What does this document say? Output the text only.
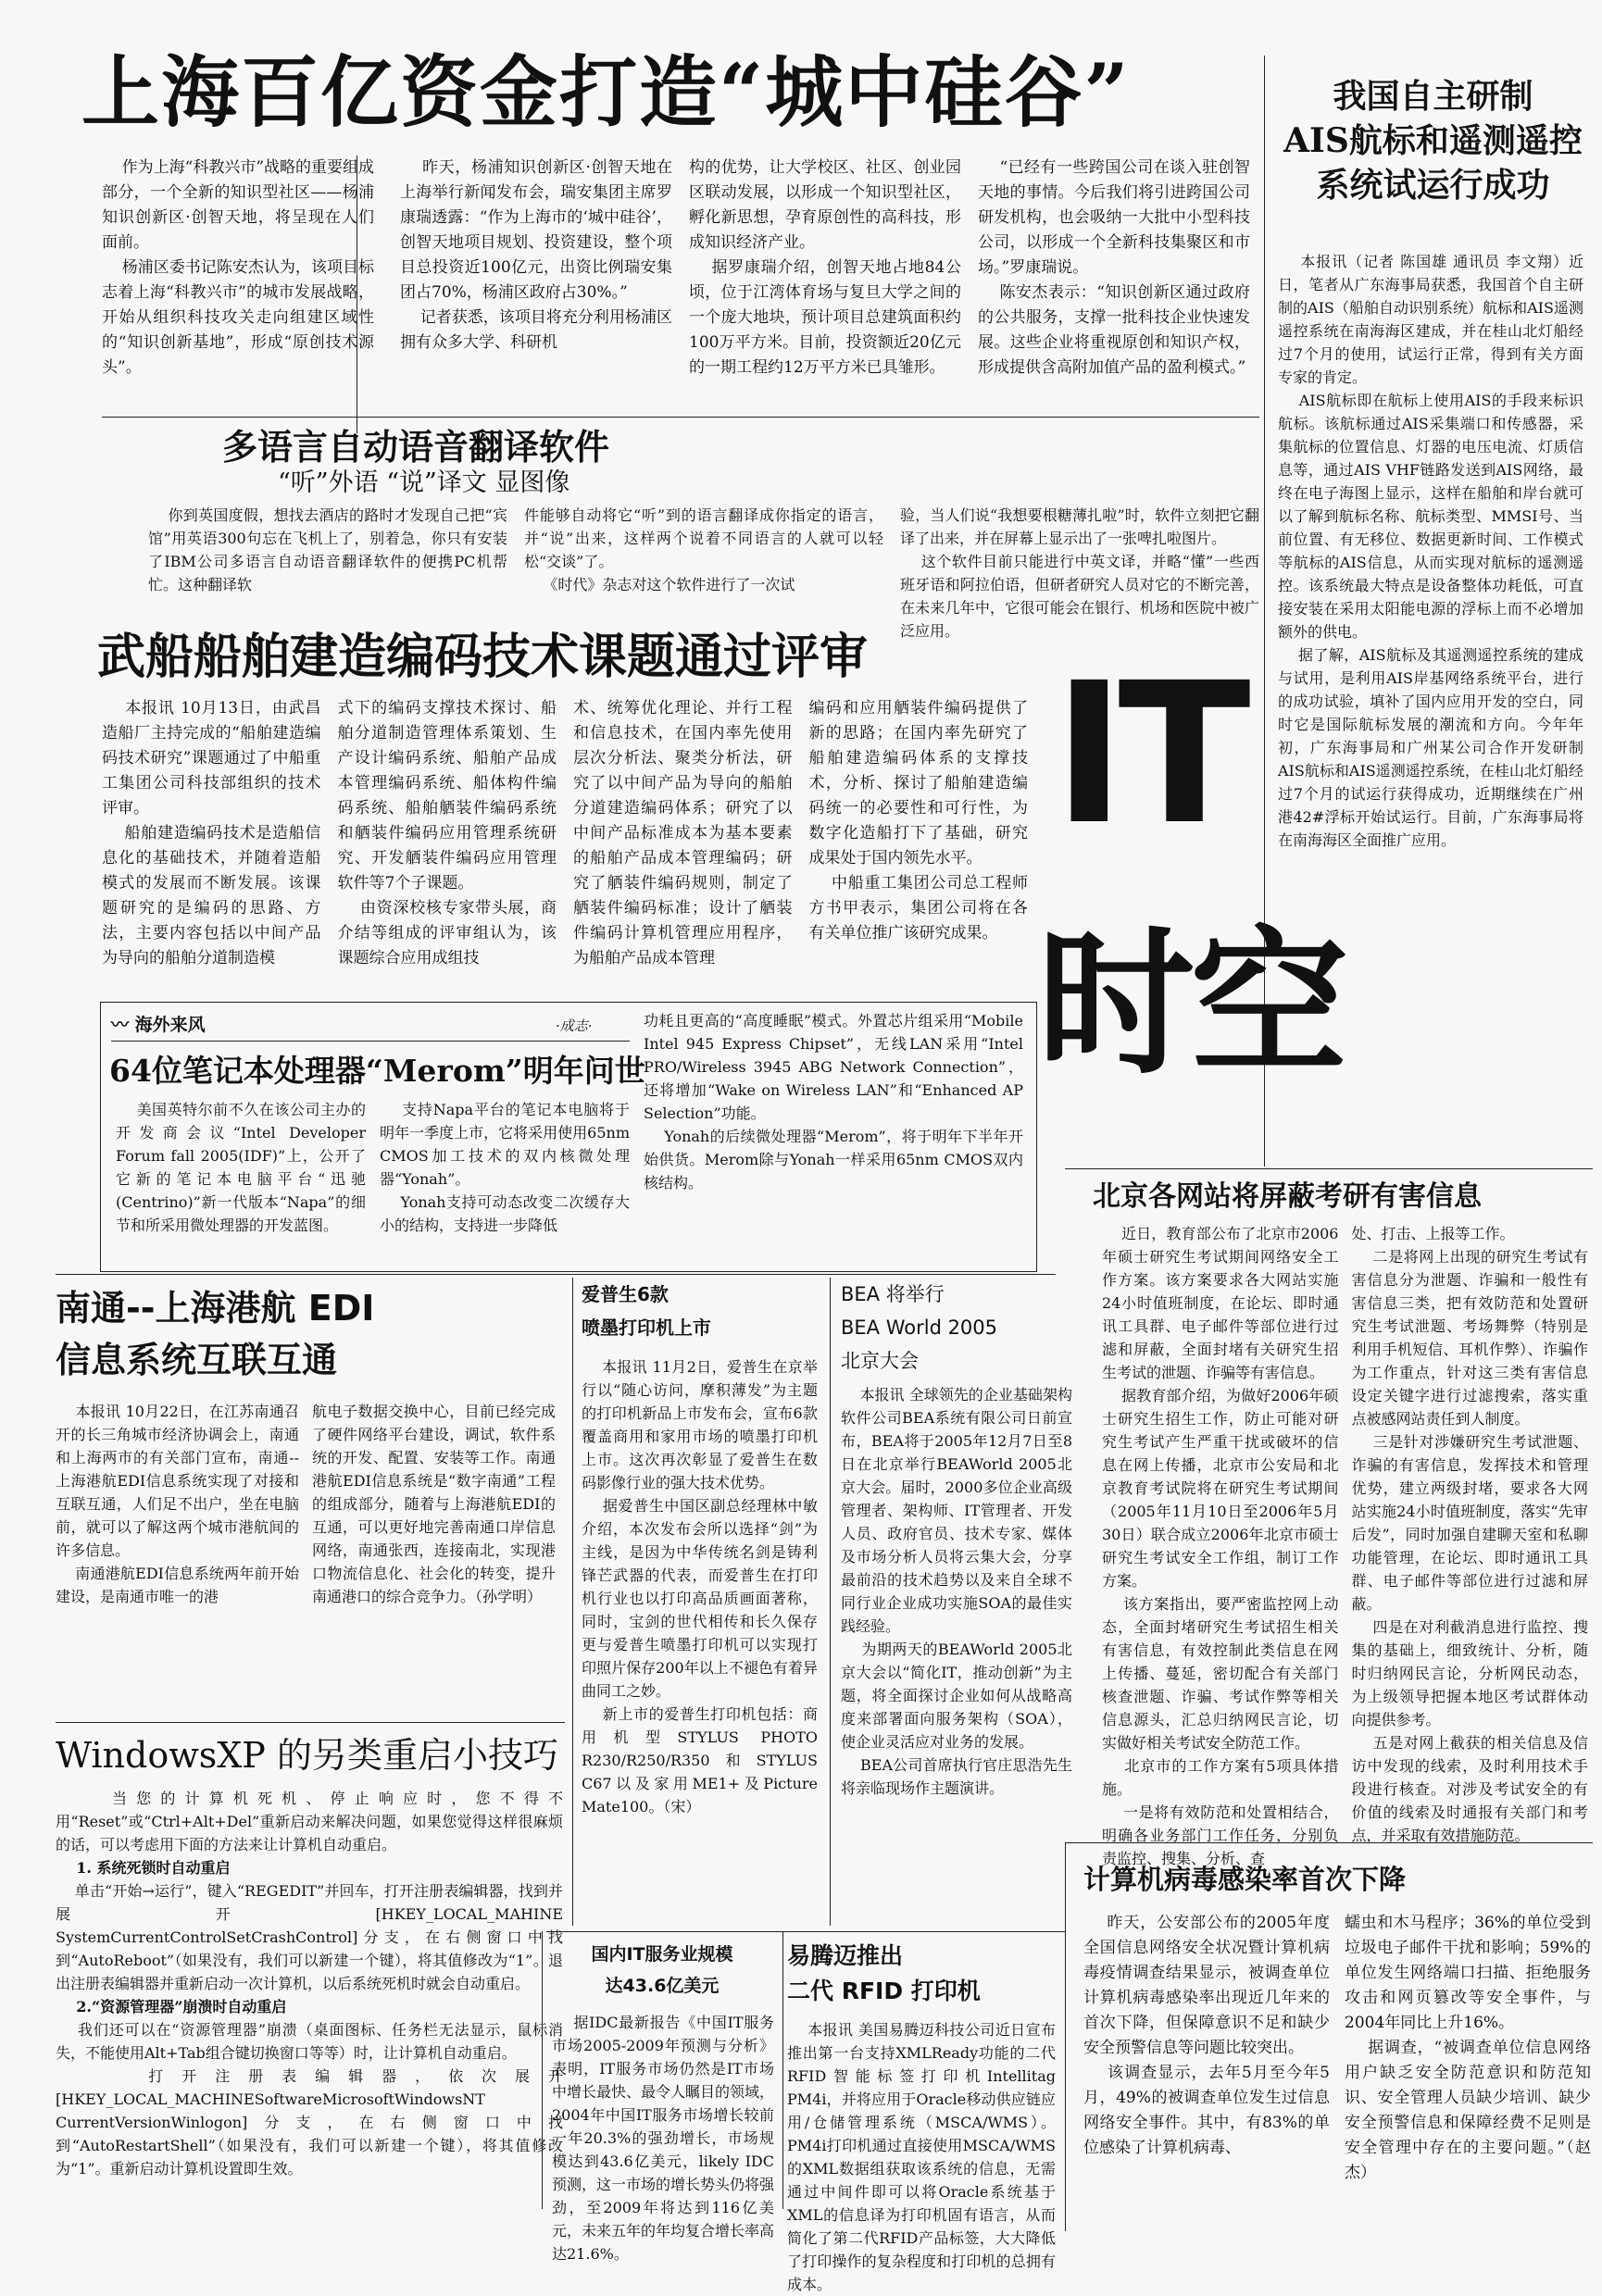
上海百亿资金打造“城中硅谷”
作为上海“科教兴市”战略的重要组成部分，一个全新的知识型社区——杨浦知识创新区·创智天地，将呈现在人们面前。
杨浦区委书记陈安杰认为，该项目标志着上海“科教兴市”的城市发展战略，开始从组织科技攻关走向组建区域性的“知识创新基地”，形成“原创技术源头”。
昨天，杨浦知识创新区·创智天地在上海举行新闻发布会，瑞安集团主席罗康瑞透露：“作为上海市的‘城中硅谷’，创智天地项目规划、投资建设，整个项目总投资近100亿元，出资比例瑞安集团占70%，杨浦区政府占30%。”
记者获悉，该项目将充分利用杨浦区拥有众多大学、科研机
构的优势，让大学校区、社区、创业园区联动发展，以形成一个知识型社区，孵化新思想，孕育原创性的高科技，形成知识经济产业。
据罗康瑞介绍，创智天地占地84公顷，位于江湾体育场与复旦大学之间的一个庞大地块，预计项目总建筑面积约100万平方米。目前，投资额近20亿元的一期工程约12万平方米已具雏形。
“已经有一些跨国公司在谈入驻创智天地的事情。今后我们将引进跨国公司研发机构，也会吸纳一大批中小型科技公司，以形成一个全新科技集聚区和市场。”罗康瑞说。
陈安杰表示：“知识创新区通过政府的公共服务，支撑一批科技企业快速发展。这些企业将重视原创和知识产权，形成提供含高附加值产品的盈利模式。”
我国自主研制
AIS航标和遥测遥控
系统试运行成功
本报讯（记者 陈国雄 通讯员 李文翔）近日，笔者从广东海事局获悉，我国首个自主研制的AIS（船舶自动识别系统）航标和AIS遥测遥控系统在南海海区建成，并在桂山北灯船经过7个月的使用，试运行正常，得到有关方面专家的肯定。
AIS航标即在航标上使用AIS的手段来标识航标。该航标通过AIS采集端口和传感器，采集航标的位置信息、灯器的电压电流、灯质信息等，通过AIS VHF链路发送到AIS网络，最终在电子海图上显示，这样在船舶和岸台就可以了解到航标名称、航标类型、MMSI号、当前位置、有无移位、数据更新时间、工作模式等航标的AIS信息，从而实现对航标的遥测遥控。该系统最大特点是设备整体功耗低，可直接安装在采用太阳能电源的浮标上而不必增加额外的供电。
据了解，AIS航标及其遥测遥控系统的建成与试用，是利用AIS岸基网络系统平台，进行的成功试验，填补了国内应用开发的空白，同时它是国际航标发展的潮流和方向。今年年初，广东海事局和广州某公司合作开发研制AIS航标和AIS遥测遥控系统，在桂山北灯船经过7个月的试运行获得成功，近期继续在广州港42#浮标开始试运行。目前，广东海事局将在南海海区全面推广应用。
多语言自动语音翻译软件
“听”外语 “说”译文 显图像
你到英国度假，想找去酒店的路时才发现自己把“宾馆”用英语300句忘在飞机上了，别着急，你只有安装了IBM公司多语言自动语音翻译软件的便携PC机帮忙。这种翻译软
件能够自动将它“听”到的语言翻译成你指定的语言，并“说”出来，这样两个说着不同语言的人就可以轻松“交谈”了。
《时代》杂志对这个软件进行了一次试
验，当人们说“我想要根糖薄扎啦”时，软件立刻把它翻译了出来，并在屏幕上显示出了一张啤扎啦图片。
这个软件目前只能进行中英文译，并略“懂”一些西班牙语和阿拉伯语，但研者研究人员对它的不断完善，在未来几年中，它很可能会在银行、机场和医院中被广泛应用。
武船船舶建造编码技术课题通过评审
本报讯 10月13日，由武昌造船厂主持完成的“船舶建造编码技术研究”课题通过了中船重工集团公司科技部组织的技术评审。
船舶建造编码技术是造船信息化的基础技术，并随着造船模式的发展而不断发展。该课题研究的是编码的思路、方法，主要内容包括以中间产品为导向的船舶分道制造模
式下的编码支撑技术探讨、船舶分道制造管理体系策划、生产设计编码系统、船舶产品成本管理编码系统、船体构件编码系统、船舶舾装件编码系统和舾装件编码应用管理系统研究、开发舾装件编码应用管理软件等7个子课题。
由资深校核专家带头展，商介结等组成的评审组认为，该课题综合应用成组技
术、统筹优化理论、并行工程和信息技术，在国内率先使用层次分析法、聚类分析法，研究了以中间产品为导向的船舶分道建造编码体系；研究了以中间产品标准成本为基本要素的船舶产品成本管理编码；研究了舾装件编码规则，制定了舾装件编码标准；设计了舾装件编码计算机管理应用程序，为船舶产品成本管理
编码和应用舾装件编码提供了新的思路；在国内率先研究了船舶建造编码体系的支撑技术，分析、探讨了船舶建造编码统一的必要性和可行性，为数字化造船打下了基础，研究成果处于国内领先水平。
中船重工集团公司总工程师方书甲表示，集团公司将在各有关单位推广该研究成果。
IT
时空
〰 海外来风	·成志·
64位笔记本处理器“Merom”明年问世
美国英特尔前不久在该公司主办的开发商会议“Intel Developer Forum fall 2005(IDF)”上，公开了它新的笔记本电脑平台“迅驰(Centrino)”新一代版本“Napa”的细节和所采用微处理器的开发蓝图。
支持Napa平台的笔记本电脑将于明年一季度上市，它将采用使用65nm CMOS加工技术的双内核微处理器“Yonah”。
Yonah支持可动态改变二次缓存大小的结构，支持进一步降低
功耗且更高的“高度睡眠”模式。外置芯片组采用“Mobile Intel 945 Express Chipset”，无线LAN采用“Intel PRO/Wireless 3945 ABG Network Connection”，还将增加“Wake on Wireless LAN”和“Enhanced AP Selection”功能。
Yonah的后续微处理器“Merom”，将于明年下半年开始供货。Merom除与Yonah一样采用65nm CMOS双内核结构。	北京各网站将屏蔽考研有害信息
近日，教育部公布了北京市2006年硕士研究生考试期间网络安全工作方案。该方案要求各大网站实施24小时值班制度，在论坛、即时通讯工具群、电子邮件等部位进行过滤和屏蔽，全面封堵有关研究生招生考试的泄题、诈骗等有害信息。
据教育部介绍，为做好2006年硕士研究生招生工作，防止可能对研究生考试产生严重干扰或破坏的信息在网上传播，北京市公安局和北京教育考试院将在研究生考试期间（2005年11月10日至2006年5月30日）联合成立2006年北京市硕士研究生考试安全工作组，制订工作方案。
该方案指出，要严密监控网上动态，全面封堵研究生考试招生相关有害信息，有效控制此类信息在网上传播、蔓延，密切配合有关部门核查泄题、诈骗、考试作弊等相关信息源头，汇总归纳网民言论，切实做好相关考试安全防范工作。
北京市的工作方案有5项具体措施。
一是将有效防范和处置相结合，明确各业务部门工作任务，分别负责监控、搜集、分析、查
处、打击、上报等工作。
二是将网上出现的研究生考试有害信息分为泄题、诈骗和一般性有害信息三类，把有效防范和处置研究生考试泄题、考场舞弊（特别是利用手机短信、耳机作弊）、诈骗作为工作重点，针对这三类有害信息设定关键字进行过滤搜索，落实重点被感网站责任到人制度。
三是针对涉嫌研究生考试泄题、诈骗的有害信息，发挥技术和管理优势，建立两级封堵，要求各大网站实施24小时值班制度，落实“先审后发”，同时加强自建聊天室和私聊功能管理，在论坛、即时通讯工具群、电子邮件等部位进行过滤和屏蔽。
四是在对利截消息进行监控、搜集的基础上，细致统计、分析，随时归纳网民言论，分析网民动态，为上级领导把握本地区考试群体动向提供参考。
五是对网上截获的相关信息及信访中发现的线索，及时利用技术手段进行核查。对涉及考试安全的有价值的线索及时通报有关部门和考点，并采取有效措施防范。
南通--上海港航 EDI
信息系统互联互通
本报讯 10月22日，在江苏南通召开的长三角城市经济协调会上，南通和上海两市的有关部门宣布，南通--上海港航EDI信息系统实现了对接和互联互通，人们足不出户，坐在电脑前，就可以了解这两个城市港航间的许多信息。
南通港航EDI信息系统两年前开始建设，是南通市唯一的港
航电子数据交换中心，目前已经完成了硬件网络平台建设，调试，软件系统的开发、配置、安装等工作。南通港航EDI信息系统是“数字南通”工程的组成部分，随着与上海港航EDI的互通，可以更好地完善南通口岸信息网络，南通张西，连接南北，实现港口物流信息化、社会化的转变，提升南通港口的综合竞争力。（孙学明）
爱普生6款
喷墨打印机上市
本报讯 11月2日，爱普生在京举行以“随心访问，摩积薄发”为主题的打印机新品上市发布会，宣布6款覆盖商用和家用市场的喷墨打印机上市。这次再次彰显了爱普生在数码影像行业的强大技术优势。
据爱普生中国区副总经理林中敏介绍，本次发布会所以选择“剑”为主线，是因为中华传统名剑是铸利锋芒武器的代表，而爱普生在打印机行业也以打印高品质画面著称，同时，宝剑的世代相传和长久保存更与爱普生喷墨打印机可以实现打印照片保存200年以上不褪色有着异曲同工之妙。
新上市的爱普生打印机包括：商用机型STYLUS PHOTO R230/R250/R350和STYLUS C67以及家用ME1+及Picture Mate100。（宋）
BEA 将举行
BEA World 2005
北京大会
本报讯 全球领先的企业基础架构软件公司BEA系统有限公司日前宣布，BEA将于2005年12月7日至8日在北京举行BEAWorld 2005北京大会。届时，2000多位企业高级管理者、架构师、IT管理者、开发人员、政府官员、技术专家、媒体及市场分析人员将云集大会，分享最前沿的技术趋势以及来自全球不同行业企业成功实施SOA的最佳实践经验。
为期两天的BEAWorld 2005北京大会以“简化IT，推动创新”为主题，将全面探讨企业如何从战略高度来部署面向服务架构（SOA），使企业灵活应对业务的发展。
BEA公司首席执行官庄思浩先生将亲临现场作主题演讲。
WindowsXP 的另类重启小技巧
当您的计算机死机、停止响应时，您不得不用“Reset”或“Ctrl+Alt+Del”重新启动来解决问题，如果您觉得这样很麻烦的话，可以考虑用下面的方法来让计算机自动重启。
1. 系统死锁时自动重启
单击“开始→运行”，键入“REGEDIT”并回车，打开注册表编辑器，找到并展开[HKEY_LOCAL_MAHINE SystemCurrentControlSetCrashControl]分支，在右侧窗口中找到“AutoReboot”（如果没有，我们可以新建一个键），将其值修改为“1”。退出注册表编辑器并重新启动一次计算机，以后系统死机时就会自动重启。
2.“资源管理器”崩溃时自动重启
我们还可以在“资源管理器”崩溃（桌面图标、任务栏无法显示，鼠标消失，不能使用Alt+Tab组合键切换窗口等等）时，让计算机自动重启。
打开注册表编辑器，依次展开[HKEY_LOCAL_MACHINESoftwareMicrosoftWindowsNT CurrentVersionWinlogon]分支，在右侧窗口中找到“AutoRestartShell”（如果没有，我们可以新建一个键），将其值修改为“1”。重新启动计算机设置即生效。
国内IT服务业规模
达43.6亿美元
据IDC最新报告《中国IT服务市场2005-2009年预测与分析》表明，IT服务市场仍然是IT市场中增长最快、最令人瞩目的领域，2004年中国IT服务市场增长较前一年20.3%的强劲增长，市场规模达到43.6亿美元，likely IDC预测，这一市场的增长势头仍将强劲，至2009年将达到116亿美元，未来五年的年均复合增长率高达21.6%。
易腾迈推出
二代 RFID 打印机
本报讯 美国易腾迈科技公司近日宣布推出第一台支持XMLReady功能的二代RFID智能标签打印机Intellitag PM4i，并将应用于Oracle移动供应链应用/仓储管理系统（MSCA/WMS）。PM4i打印机通过直接使用MSCA/WMS的XML数据组获取该系统的信息，无需通过中间件即可以将Oracle系统基于XML的信息译为打印机固有语言，从而简化了第二代RFID产品标签，大大降低了打印操作的复杂程度和打印机的总拥有成本。
计算机病毒感染率首次下降
昨天，公安部公布的2005年度全国信息网络安全状况暨计算机病毒疫情调查结果显示，被调查单位计算机病毒感染率出现近几年来的首次下降，但保障意识不足和缺少安全预警信息等问题比较突出。
该调查显示，去年5月至今年5月，49%的被调查单位发生过信息网络安全事件。其中，有83%的单位感染了计算机病毒、
蠕虫和木马程序；36%的单位受到垃圾电子邮件干扰和影响；59%的单位发生网络端口扫描、拒绝服务攻击和网页篡改等安全事件，与2004年同比上升16%。
据调查，“被调查单位信息网络用户缺乏安全防范意识和防范知识、安全管理人员缺少培训、缺少安全预警信息和保障经费不足则是安全管理中存在的主要问题。”（赵杰）
